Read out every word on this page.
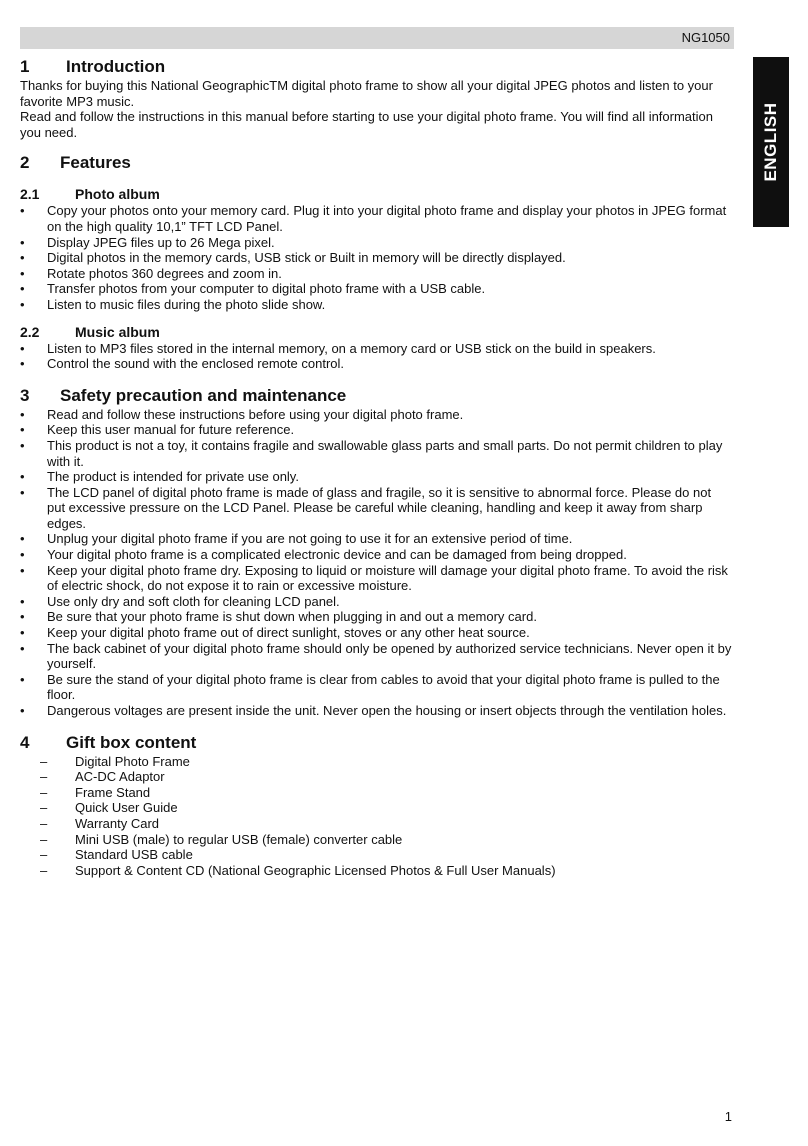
NG1050
ENGLISH
1	Introduction

Thanks for buying this National GeographicTM digital photo frame to show all your digital JPEG photos and listen to your favorite MP3 music.

Read and follow the instructions in this manual before starting to use your digital photo frame. You will find all information you need.

2	Features
2.1	Photo album
• Copy your photos onto your memory card. Plug it into your digital photo frame and display your photos in JPEG format on the high quality 10,1” TFT LCD Panel.
• Display JPEG files up to 26 Mega pixel.
• Digital photos in the memory cards, USB stick or Built in memory will be directly displayed.
• Rotate photos 360 degrees and zoom in.
• Transfer photos from your computer to digital photo frame with a USB cable.
• Listen to music files during the photo slide show.
2.2	Music album
• Listen to MP3 files stored in the internal memory, on a memory card or USB stick on the build in speakers.
• Control the sound with the enclosed remote control.
3	Safety precaution and maintenance
• Read and follow these instructions before using your digital photo frame.
• Keep this user manual for future reference.
• This product is not a toy, it contains fragile and swallowable glass parts and small parts. Do not permit children to play with it.
• The product is intended for private use only.
• The LCD panel of digital photo frame is made of glass and fragile, so it is sensitive to abnormal force. Please do not put excessive pressure on the LCD Panel. Please be careful while cleaning, handling and keep it away from sharp edges.
• Unplug your digital photo frame if you are not going to use it for an extensive period of time.
• Your digital photo frame is a complicated electronic device and can be damaged from being dropped.
• Keep your digital photo frame dry. Exposing to liquid or moisture will damage your digital photo frame. To avoid the risk of electric shock, do not expose it to rain or excessive moisture.
• Use only dry and soft cloth for cleaning LCD panel.
• Be sure that your photo frame is shut down when plugging in and out a memory card.
• Keep your digital photo frame out of direct sunlight, stoves or any other heat source.
• The back cabinet of your digital photo frame should only be opened by authorized service technicians. Never open it by yourself.
• Be sure the stand of your digital photo frame is clear from cables to avoid that your digital photo frame is pulled to the floor.
• Dangerous voltages are present inside the unit. Never open the housing or insert objects through the ventilation holes.
4	Gift box content
– Digital Photo Frame
– AC-DC Adaptor
– Frame Stand
– Quick User Guide
– Warranty Card
– Mini USB (male) to regular USB (female) converter cable
– Standard USB cable
– Support & Content CD (National Geographic Licensed Photos & Full User Manuals)
1
